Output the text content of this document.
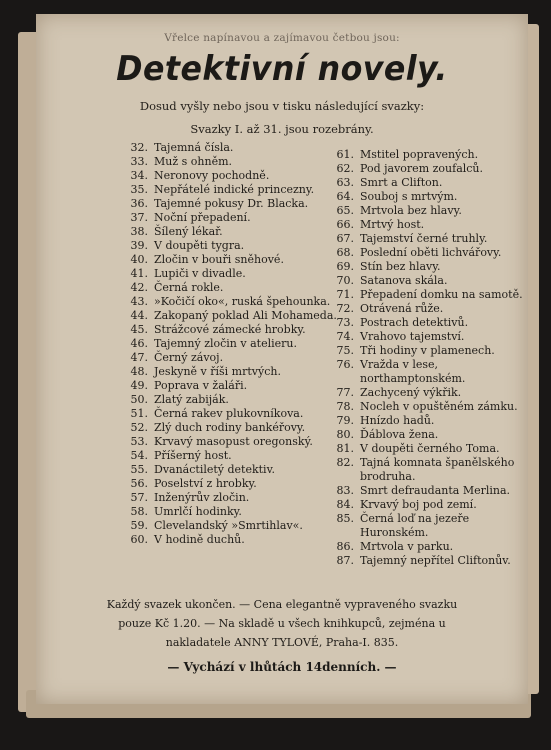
Vřelce napínavou a zajímavou četbou jsou:
Detektivní novely.
Dosud vyšly nebo jsou v tisku následující svazky:
Svazky I. až 31. jsou rozebrány.
32. Tajemná čísla.
33. Muž s ohněm.
34. Neronovy pochodně.
35. Nepřátelé indické princezny.
36. Tajemné pokusy Dr. Blacka.
37. Noční přepadení.
38. Šílený lékař.
39. V doupěti tygra.
40. Zločin v bouři sněhové.
41. Lupiči v divadle.
42. Černá rokle.
43. »Kočičí oko«, ruská špehounka.
44. Zakopaný poklad Ali Mohameda.
45. Strážcové zámecké hrobky.
46. Tajemný zločin v atelieru.
47. Černý závoj.
48. Jeskyně v říši mrtvých.
49. Poprava v žaláři.
50. Zlatý zabiják.
51. Černá rakev plukovníkova.
52. Zlý duch rodiny bankéřovy.
53. Krvavý masopust oregonský.
54. Příšerný host.
55. Dvanáctiletý detektiv.
56. Poselství z hrobky.
57. Inženýrův zločin.
58. Umrlčí hodinky.
59. Clevelandský »Smrtihlav«.
60. V hodině duchů.
61. Mstitel popravených.
62. Pod javorem zoufalců.
63. Smrt a Clifton.
64. Souboj s mrtvým.
65. Mrtvola bez hlavy.
66. Mrtvý host.
67. Tajemství černé truhly.
68. Poslední oběti lichvářovy.
69. Stín bez hlavy.
70. Satanova skála.
71. Přepadení domku na samotě.
72. Otrávená růže.
73. Postrach detektivů.
74. Vrahovo tajemství.
75. Tři hodiny v plamenech.
76. Vražda v lese, northamptonském.
77. Zachycený výkřik.
78. Nocleh v opuštěném zámku.
79. Hnízdo hadů.
80. Ďáblova žena.
81. V doupěti černého Toma.
82. Tajná komnata španělského brodruha.
83. Smrt defraudanta Merlina.
84. Krvavý boj pod zemí.
85. Černá loď na jezeře Huronském.
86. Mrtvola v parku.
87. Tajemný nepřítel Cliftonův.
Každý svazek ukončen. — Cena elegantně vypraveného svazku
pouze Kč 1.20. — Na skladě u všech knihkupců, zejména u
nakladatele ANNY TYLOVÉ, Praha-I. 835.
— Vychází v lhůtách 14denních. —
